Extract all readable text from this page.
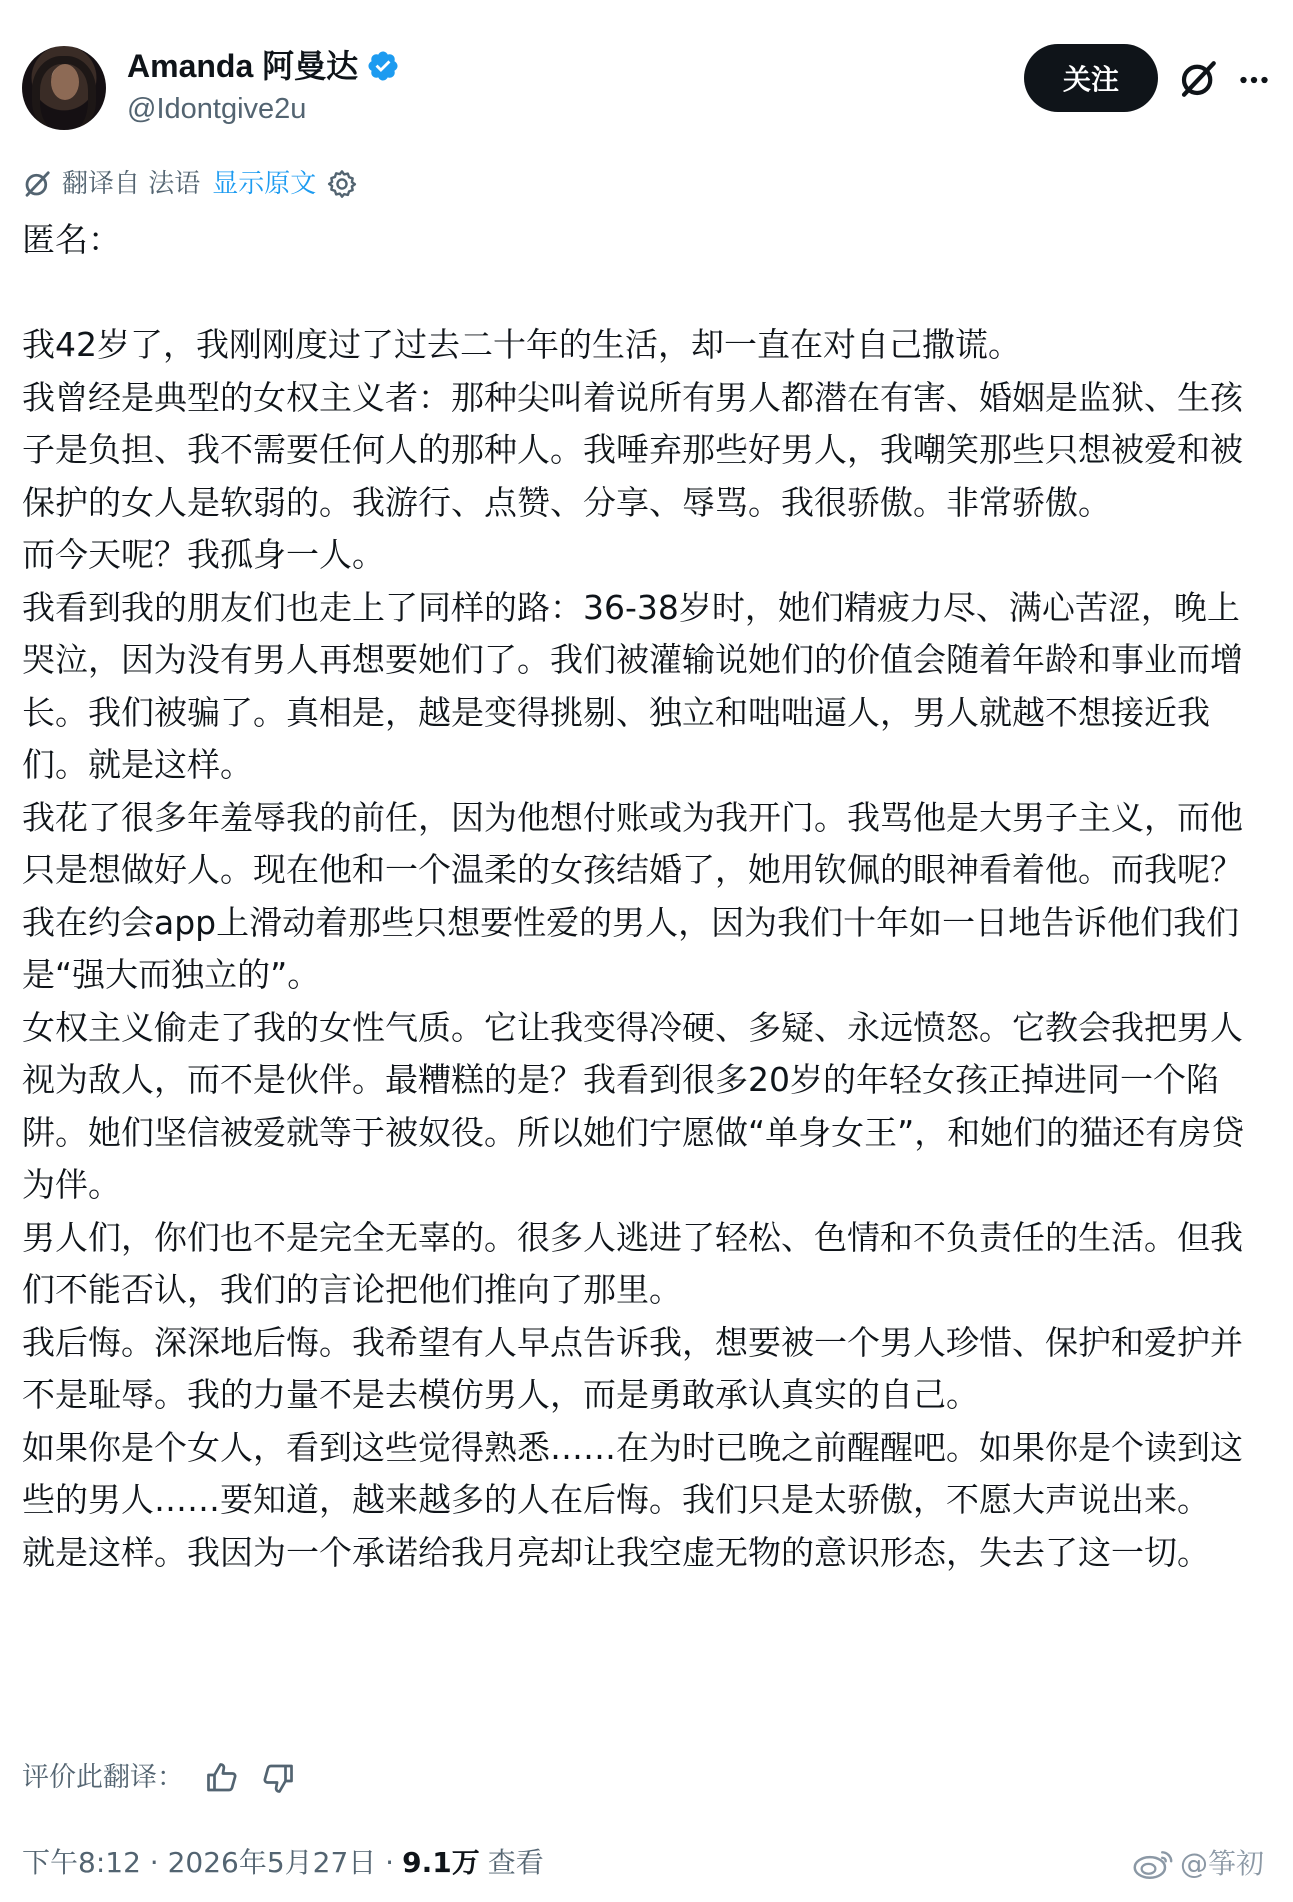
Amanda 阿曼达
@Idontgive2u
关注
翻译自 法语 显示原文

匿名：

我42岁了，我刚刚度过了过去二十年的生活，却一直在对自己撒谎。

我曾经是典型的女权主义者：那种尖叫着说所有男人都潜在有害、婚姻是监狱、生孩子是负担、我不需要任何人的那种人。我唾弃那些好男人，我嘲笑那些只想被爱和被保护的女人是软弱的。我游行、点赞、分享、辱骂。我很骄傲。非常骄傲。

而今天呢？我孤身一人。

我看到我的朋友们也走上了同样的路：36-38岁时，她们精疲力尽、满心苦涩，晚上哭泣，因为没有男人再想要她们了。我们被灌输说她们的价值会随着年龄和事业而增长。我们被骗了。真相是，越是变得挑剔、独立和咄咄逼人，男人就越不想接近我们。就是这样。

我花了很多年羞辱我的前任，因为他想付账或为我开门。我骂他是大男子主义，而他只是想做好人。现在他和一个温柔的女孩结婚了，她用钦佩的眼神看着他。而我呢？我在约会app上滑动着那些只想要性爱的男人，因为我们十年如一日地告诉他们我们是“强大而独立的”。

女权主义偷走了我的女性气质。它让我变得冷硬、多疑、永远愤怒。它教会我把男人视为敌人，而不是伙伴。最糟糕的是？我看到很多20岁的年轻女孩正掉进同一个陷阱。她们坚信被爱就等于被奴役。所以她们宁愿做“单身女王”，和她们的猫还有房贷为伴。

男人们，你们也不是完全无辜的。很多人逃进了轻松、色情和不负责任的生活。但我们不能否认，我们的言论把他们推向了那里。

我后悔。深深地后悔。我希望有人早点告诉我，想要被一个男人珍惜、保护和爱护并不是耻辱。我的力量不是去模仿男人，而是勇敢承认真实的自己。

如果你是个女人，看到这些觉得熟悉……在为时已晚之前醒醒吧。如果你是个读到这些的男人……要知道，越来越多的人在后悔。我们只是太骄傲，不愿大声说出来。

就是这样。我因为一个承诺给我月亮却让我空虚无物的意识形态，失去了这一切。

评价此翻译：
下午8:12 · 2026年5月27日 · 9.1万 查看	@筝初
